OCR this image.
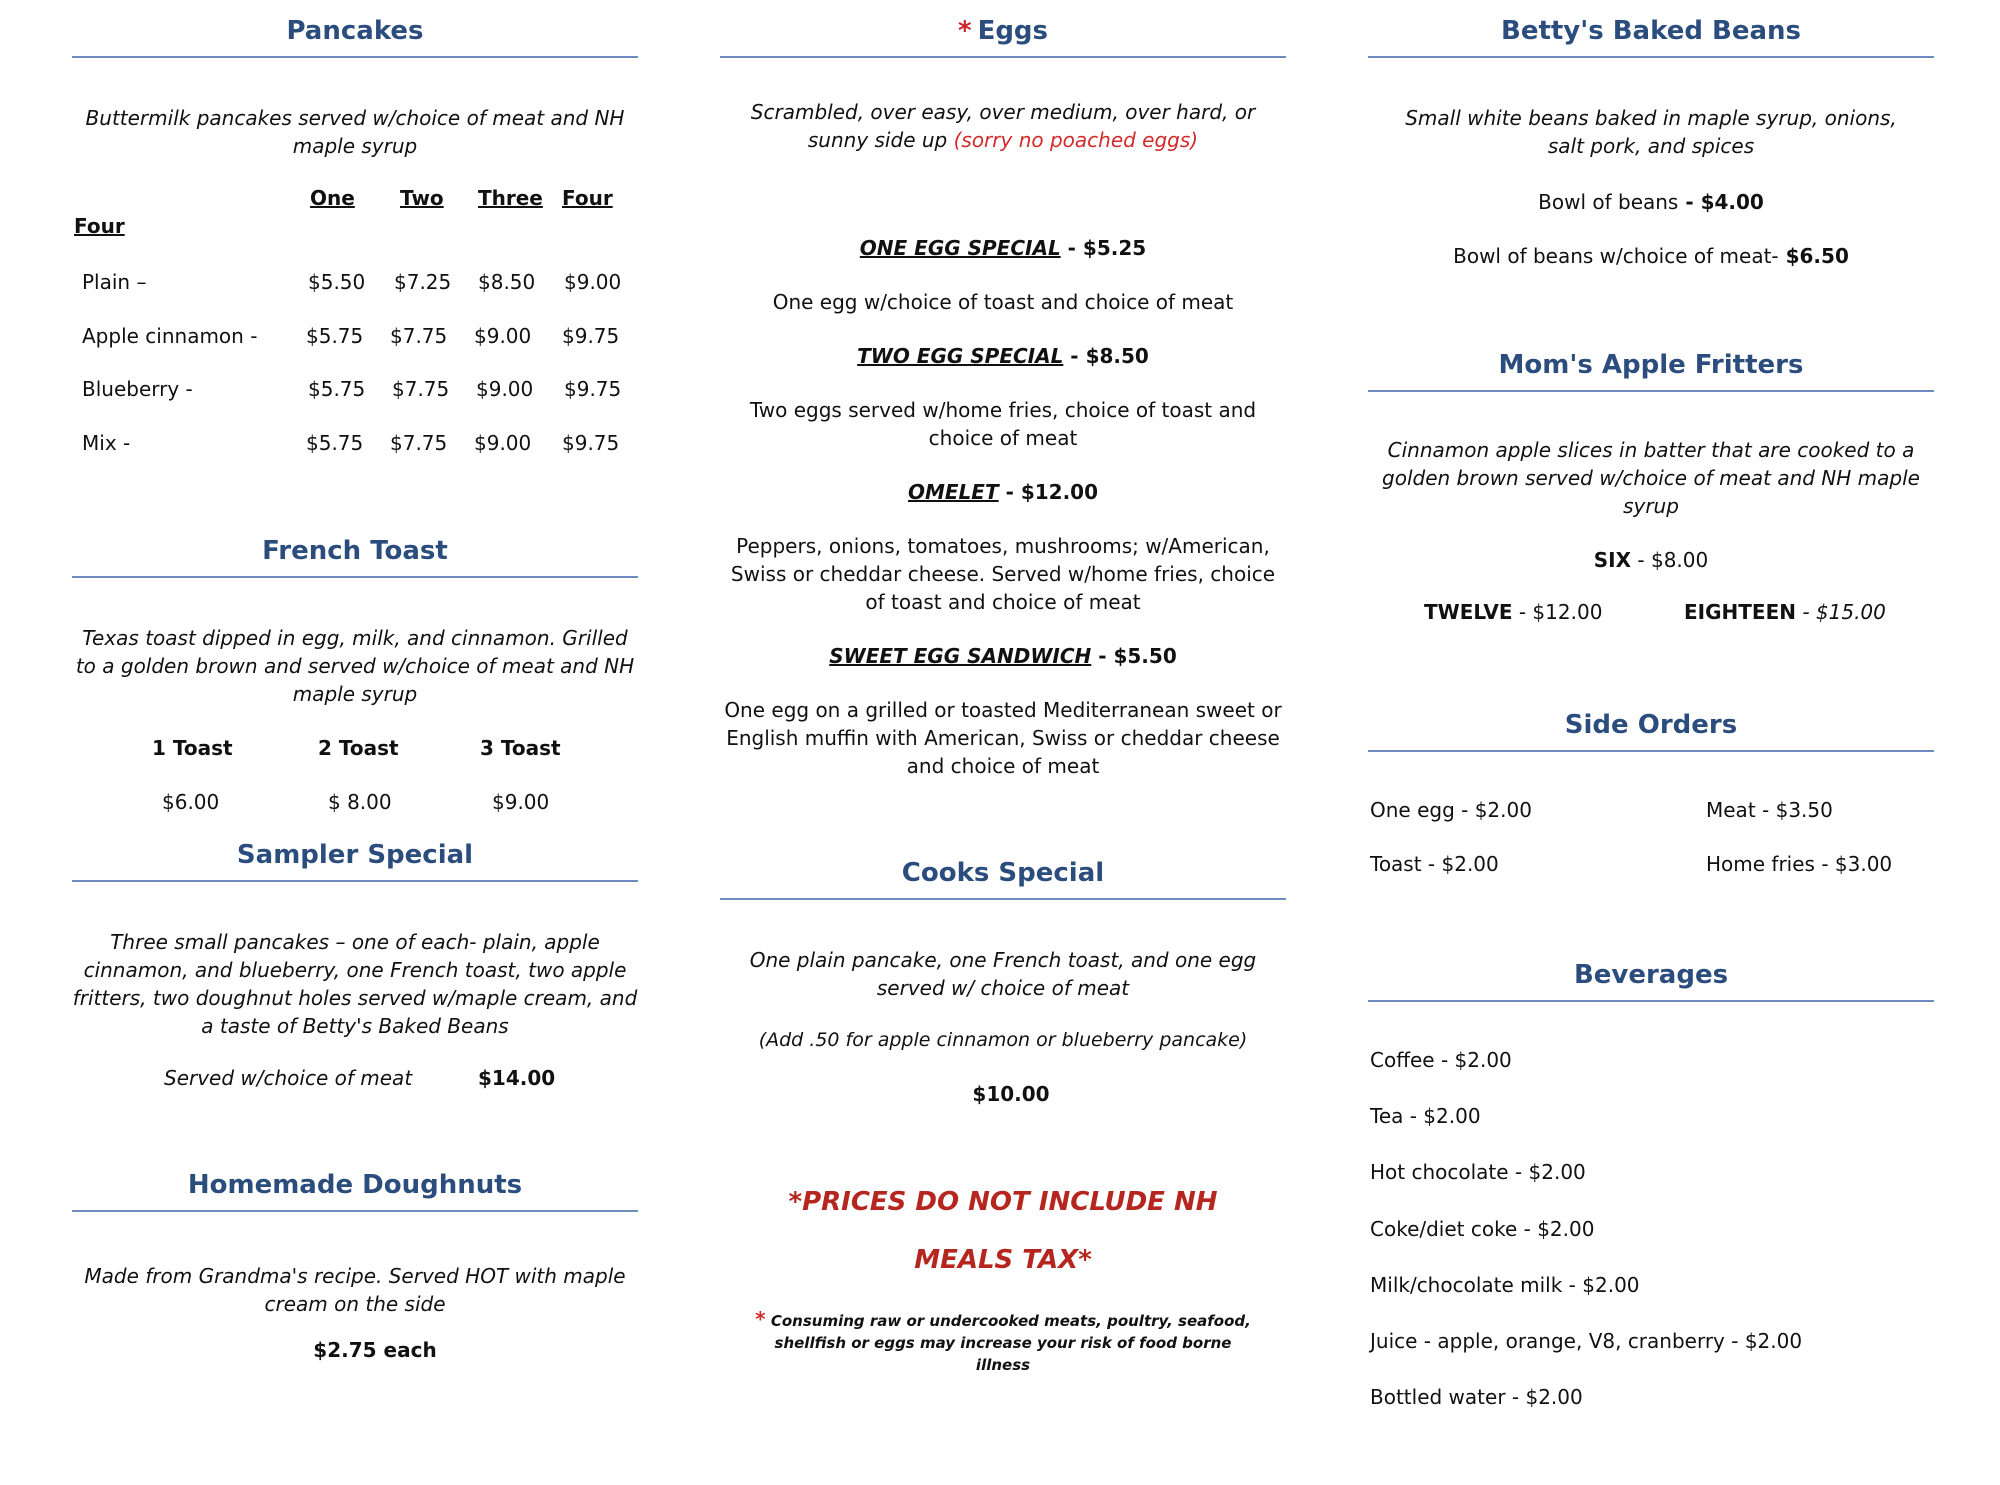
Pancakes
Buttermilk pancakes served w/choice of meat and NH maple syrup
One Two Three Four
Four
Plain –	$5.50 $7.25 $8.50 $9.00
Apple cinnamon - $5.75 $7.75 $9.00 $9.75
Blueberry -	$5.75 $7.75 $9.00 $9.75
Mix -	$5.75 $7.75 $9.00 $9.75
French Toast
Texas toast dipped in egg, milk, and cinnamon. Grilled to a golden brown and served w/choice of meat and NH maple syrup
1 Toast	2 Toast	3 Toast
$6.00	$ 8.00	$9.00
Sampler Special
Three small pancakes – one of each- plain, apple cinnamon, and blueberry, one French toast, two apple fritters, two doughnut holes served w/maple cream, and a taste of Betty's Baked Beans
Served w/choice of meat	$14.00
Homemade Doughnuts
Made from Grandma's recipe. Served HOT with maple cream on the side
$2.75 each
* Eggs
Scrambled, over easy, over medium, over hard, or sunny side up (sorry no poached eggs)
ONE EGG SPECIAL - $5.25
One egg w/choice of toast and choice of meat
TWO EGG SPECIAL - $8.50
Two eggs served w/home fries, choice of toast and choice of meat
OMELET - $12.00
Peppers, onions, tomatoes, mushrooms; w/American, Swiss or cheddar cheese. Served w/home fries, choice of toast and choice of meat
SWEET EGG SANDWICH - $5.50
One egg on a grilled or toasted Mediterranean sweet or English muffin with American, Swiss or cheddar cheese and choice of meat
Cooks Special
One plain pancake, one French toast, and one egg served w/ choice of meat
(Add .50 for apple cinnamon or blueberry pancake)
$10.00
*PRICES DO NOT INCLUDE NH
MEALS TAX*
* Consuming raw or undercooked meats, poultry, seafood, shellfish or eggs may increase your risk of food borne illness
Betty's Baked Beans
Small white beans baked in maple syrup, onions, salt pork, and spices
Bowl of beans - $4.00
Bowl of beans w/choice of meat- $6.50
Mom's Apple Fritters
Cinnamon apple slices in batter that are cooked to a golden brown served w/choice of meat and NH maple syrup
SIX - $8.00
TWELVE - $12.00	EIGHTEEN - $15.00
Side Orders
One egg - $2.00	Meat - $3.50
Toast - $2.00	Home fries - $3.00
Beverages
Coffee - $2.00
Tea - $2.00
Hot chocolate - $2.00
Coke/diet coke - $2.00
Milk/chocolate milk - $2.00
Juice - apple, orange, V8, cranberry - $2.00
Bottled water - $2.00
